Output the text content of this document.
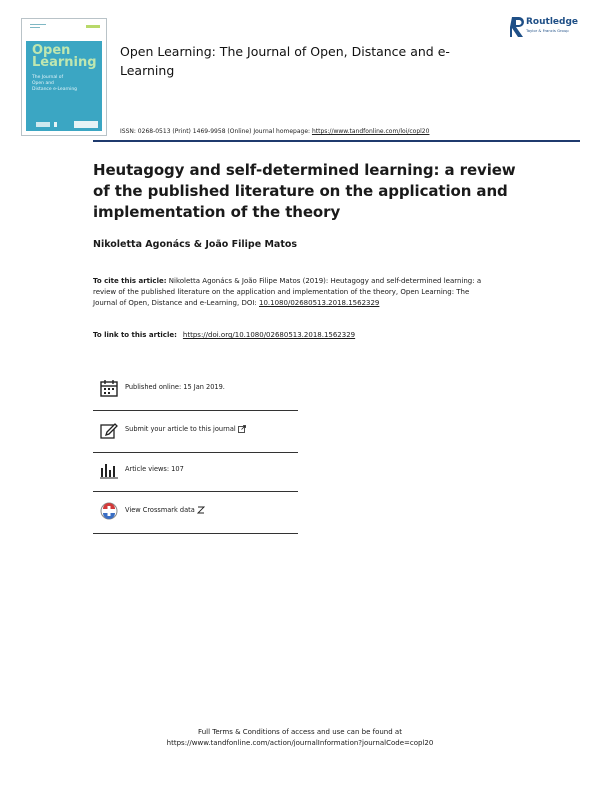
Open
Learning
The Journal of
Open and
Distance e-Learning
Open Learning: The Journal of Open, Distance and e-Learning
ISSN: 0268-0513 (Print) 1469-9958 (Online) Journal homepage: https://www.tandfonline.com/loi/copl20
Routledge
Taylor & Francis Group
Heutagogy and self-determined learning: a review of the published literature on the application and implementation of the theory
Nikoletta Agonács & João Filipe Matos
To cite this article: Nikoletta Agonács & João Filipe Matos (2019): Heutagogy and self-determined learning: a review of the published literature on the application and implementation of the theory, Open Learning: The Journal of Open, Distance and e-Learning, DOI: 10.1080/02680513.2018.1562329
To link to this article: https://doi.org/10.1080/02680513.2018.1562329
Published online: 15 Jan 2019.
Submit your article to this journal
Article views: 107
View Crossmark data
Full Terms & Conditions of access and use can be found at
https://www.tandfonline.com/action/journalInformation?journalCode=copl20
